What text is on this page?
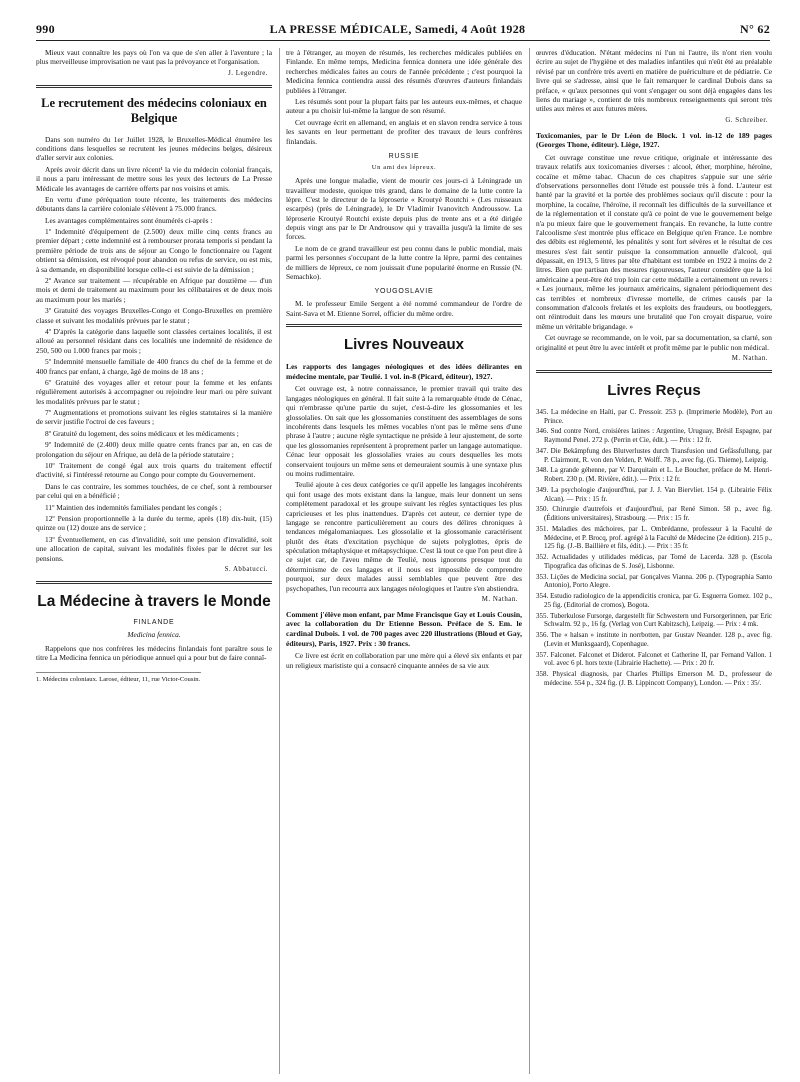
990	LA PRESSE MÉDICALE, Samedi, 4 Août 1928	N° 62

Mieux vaut connaître les pays où l'on va que de s'en aller à l'aventure ; la plus merveilleuse improvisation ne vaut pas la prévoyance et l'organisation.

J. Legendre.
Le recrutement des médecins coloniaux en Belgique

Dans son numéro du 1er Juillet 1928, le Bruxelles-Médical énumère les conditions dans lesquelles se recrutent les jeunes médecins belges, désireux d'aller servir aux colonies.

Après avoir décrit dans un livre récent¹ la vie du médecin colonial français, il nous a paru intéressant de mettre sous les yeux des lecteurs de La Presse Médicale les avantages de carrière offerts par nos voisins et amis.

En vertu d'une péréquation toute récente, les traitements des médecins débutants dans la carrière coloniale s'élèvent à 75.000 francs.

Les avantages complémentaires sont énumérés ci-après :

1º Indemnité d'équipement de (2.500) deux mille cinq cents francs au premier départ ; cette indemnité est à rembourser prorata temporis si pendant la première période de trois ans de séjour au Congo le fonctionnaire ou l'agent obtient sa démission, est révoqué pour abandon ou refus de service, ou est mis, à sa demande, en disponibilité lorsque celle-ci est suivie de la démission ;

2º Avance sur traitement — récupérable en Afrique par douzième — d'un mois et demi de traitement au maximum pour les célibataires et de deux mois au maximum pour les mariés ;

3º Gratuité des voyages Bruxelles-Congo et Congo-Bruxelles en première classe et suivant les modalités prévues par le statut ;

4º D'après la catégorie dans laquelle sont classées certaines localités, il est alloué au personnel résidant dans ces localités une indemnité de résidence de 250, 500 ou 1.000 francs par mois ;

5º Indemnité mensuelle familiale de 400 francs du chef de la femme et de 400 francs par enfant, à charge, âgé de moins de 18 ans ;

6º Gratuité des voyages aller et retour pour la femme et les enfants régulièrement autorisés à accompagner ou rejoindre leur mari ou père suivant les modalités prévues par le statut ;

7º Augmentations et promotions suivant les règles statutaires si la manière de servir justifie l'octroi de ces faveurs ;

8º Gratuité du logement, des soins médicaux et les médicaments ;

9º Indemnité de (2.400) deux mille quatre cents francs par an, en cas de prolongation du séjour en Afrique, au delà de la période statutaire ;

10º Traitement de congé égal aux trois quarts du traitement effectif d'activité, si l'intéressé retourne au Congo pour compte du Gouvernement.

Dans le cas contraire, les sommes touchées, de ce chef, sont à rembourser par celui qui en a bénéficié ;

11º Maintien des indemnités familiales pendant les congés ;

12º Pension proportionnelle à la durée du terme, après (18) dix-huit, (15) quinze ou (12) douze ans de service ;

13º Éventuellement, en cas d'invalidité, soit une pension d'invalidité, soit une allocation de capital, suivant les modalités fixées par le décret sur les pensions.

S. Abbatucci.
La Médecine à travers le Monde
FINLANDE
Medicina fennica.

Rappelons que nos confrères les médecins finlandais font paraître sous le titre La Medicina fennica un périodique annuel qui a pour but de faire connaî-

1. Médecins coloniaux. Larose, éditeur, 11, rue Victor-Cousin.

tre à l'étranger, au moyen de résumés, les recherches médicales publiées en Finlande. En même temps, Medicina fennica donnera une idée générale des recherches médicales faites au cours de l'année précédente ; c'est pourquoi la Medicina fennica contiendra aussi des résumés d'œuvres d'auteurs finlandais publiées à l'étranger.

Les résumés sont pour la plupart faits par les auteurs eux-mêmes, et chaque auteur a pu choisir lui-même la langue de son résumé.

Cet ouvrage écrit en allemand, en anglais et en slavon rendra service à tous les savants en leur permettant de profiter des travaux de leurs confrères finlandais.

RUSSIE
Un ami des lépreux.

Après une longue maladie, vient de mourir ces jours-ci à Léningrade un travailleur modeste, quoique très grand, dans le domaine de la lutte contre la lèpre. C'est le directeur de la léproserie « Kroutyé Routchi » (Les ruisseaux escarpés) (près de Léningrade), le Dr Vladimir Ivanovitch Androussow. La léproserie Kroutyé Routchi existe depuis plus de trente ans et a été dirigée depuis vingt ans par le Dr Androusow qui y travailla jusqu'à la limite de ses forces.

Le nom de ce grand travailleur est peu connu dans le public mondial, mais parmi les personnes s'occupant de la lutte contre la lèpre, parmi des centaines de milliers de lépreux, ce nom jouissait d'une popularité énorme en Russie (N. Semachko).

YOUGOSLAVIE

M. le professeur Emile Sergent a été nommé commandeur de l'ordre de Saint-Sava et M. Etienne Sorrel, officier du même ordre.

Livres Nouveaux
Les rapports des langages néologiques et des idées délirantes en médecine mentale, par Teulié. 1 vol. in-8 (Picard, éditeur), 1927.

Cet ouvrage est, à notre connaissance, le premier travail qui traite des langages néologiques en général. Il fait suite à la remarquable étude de Cénac, qui n'embrasse qu'une partie du sujet, c'est-à-dire les glossomanies et les glossolalies. On sait que les glossomanies constituent des assemblages de sons incohérents dans lesquels les mêmes vocables n'ont pas le même sens d'une phrase à l'autre ; aucune règle syntactique ne préside à leur ajustement, de sorte que les glossomanies représentent à proprement parler un langage automatique. Cénac leur opposait les glossolalies vraies au cours desquelles les mots conservaient toujours un même sens et demeuraient soumis à une syntaxe plus ou moins rudimentaire.

Teulié ajoute à ces deux catégories ce qu'il appelle les langages incohérents qui font usage des mots existant dans la langue, mais leur donnent un sens complètement paradoxal et les groupe suivant les règles syntactiques les plus capricieuses et les plus inattendues. D'après cet auteur, ce dernier type de langage se rencontre particulièrement au cours des délires chroniques à tendances mégalomaniaques. Les glossolalie et la glossomanie caractérisent plutôt des états d'excitation psychique de sujets polyglottes, épris de spéculation métaphysique et métapsychique. C'est là tout ce que l'on peut dire à ce sujet car, de l'aveu même de Teulié, nous ignorons presque tout du déterminisme de ces langages et il nous est impossible de comprendre pourquoi, sur deux malades aussi semblables que peuvent être des psychopathes, l'un recourra aux langages néologiques et l'autre s'en abstiendra.

M. Nathan.
Comment j'élève mon enfant, par Mme Francisque Gay et Louis Cousin, avec la collaboration du Dr Etienne Besson. Préface de S. Em. le cardinal Dubois. 1 vol. de 700 pages avec 220 illustrations (Bloud et Gay, éditeurs), Paris, 1927. Prix : 30 francs.

Ce livre est écrit en collaboration par une mère qui a élevé six enfants et par un religieux marististe qui a consacré cinquante années de sa vie aux

œuvres d'éducation. N'étant médecins ni l'un ni l'autre, ils n'ont rien voulu écrire au sujet de l'hygiène et des maladies infantiles qui n'eût été au préalable révisé par un confrère très averti en matière de puériculture et de pédiatrie. Ce livre qui se s'adresse, ainsi que le fait remarquer le cardinal Dubois dans sa préface, « qu'aux personnes qui vont s'engager ou sont déjà engagées dans les liens du mariage », contient de très nombreux renseignements qui seront très utiles aux mères et aux futures mères.

G. Schreiber.
Toxicomanies, par le Dr Léon de Block. 1 vol. in-12 de 189 pages (Georges Thone, éditeur). Liège, 1927.

Cet ouvrage constitue une revue critique, originale et intéressante des travaux relatifs aux toxicomanies diverses : alcool, éther, morphine, héroïne, cocaïne et même tabac. Chacun de ces chapitres s'appuie sur une série d'observations personnelles dont l'étude est poussée très à fond. L'auteur est hanté par la gravité et la portée des problèmes sociaux qu'il discute : pour la morphine, la cocaïne, l'héroïne, il reconnaît les difficultés de la surveillance et de la réglementation et il constate qu'à ce point de vue le gouvernement belge n'a pu mieux faire que le gouvernement français. En revanche, la lutte contre l'alcoolisme s'est montrée plus efficace en Belgique qu'en France. Le nombre des débits est réglementé, les pénalités y sont fort sévères et le résultat de ces mesures s'est fait sentir puisque la consommation annuelle d'alcool, qui dépassait, en 1913, 5 litres par tête d'habitant est tombée en 1922 à moins de 2 litres. Bien que partisan des mesures rigoureuses, l'auteur considère que la loi américaine a peut-être été trop loin car cette médaille a certainement un revers : « Les journaux, même les journaux américains, signalent périodiquement des cas terribles et nombreux d'ivresse mortelle, de crimes causés par la consommation d'alcools frelatés et les exploits des fraudeurs, ou bootleggers, ont réintroduit dans les mœurs une brutalité que l'on croyait disparue, voire même un véritable brigandage. »

Cet ouvrage se recommande, on le voit, par sa documentation, sa clarté, son originalité et peut être lu avec intérêt et profit même par le public non médical.

M. Nathan.
Livres Reçus
345. La médecine en Haïti, par C. Pressoir. 253 p. (Imprimerie Modèle), Port au Prince.
346. Sud contre Nord, croisières latines : Argentine, Uruguay, Brésil Espagne, par Raymond Penel. 272 p. (Perrin et Cie, édit.). — Prix : 12 fr.
347. Die Bekämpfung des Blutverlustes durch Transfusion und Gefässfullung, par P. Clairmont, R. von den Velden, P. Wolff. 78 p., avec fig. (G. Thieme), Leipzig.
348. La grande géhenne, par V. Darquitain et L. Le Boucher, préface de M. Henri-Robert. 230 p. (M. Rivière, édit.). — Prix : 12 fr.
349. La psychologie d'aujourd'hui, par J. J. Van Biervliet. 154 p. (Librairie Félix Alcan). — Prix : 15 fr.
350. Chirurgie d'autrefois et d'aujourd'hui, par René Simon. 58 p., avec fig. (Éditions universitaires), Strasbourg. — Prix : 15 fr.
351. Maladies des mâchoires, par L. Ombrédanne, professeur à la Faculté de Médecine, et P. Brocq, prof. agrégé à la Faculté de Médecine (2e édition). 215 p., 125 fig. (J.-B. Baillière et fils, édit.). — Prix : 35 fr.
352. Actualidades y utilidades médicas, par Tomé de Lacerda. 328 p. (Escola Tipografica das oficinas de S. José), Lisbonne.
353. Lições de Medicina social, par Gonçalves Vianna. 206 p. (Typographia Santo Antonio), Porto Alegre.
354. Estudio radiologico de la appendicitis cronica, par G. Esguerra Gomez. 102 p., 25 fig. (Editorial de cromos), Bogota.
355. Tuberkulose Fursorge, dargestellt für Schwestern und Fursorgerinnen, par Eric Schwalm. 92 p., 16 fg. (Verlag von Curt Kabitzsch), Leipzig. — Prix : 4 mk.
356. The « halsan » institute in norrbotten, par Gustav Neander. 128 p., avec fig. (Levin et Munksgaard), Copenhague.
357. Falconet. Falconet et Diderot. Falconet et Catherine II, par Fernand Vallon. 1 vol. avec 6 pl. hors texte (Librairie Hachette). — Prix : 20 fr.
358. Physical diagnosis, par Charles Phillips Emerson M. D., professeur de médecine. 554 p., 324 fig. (J. B. Lippincott Company), London. — Prix : 35/.
